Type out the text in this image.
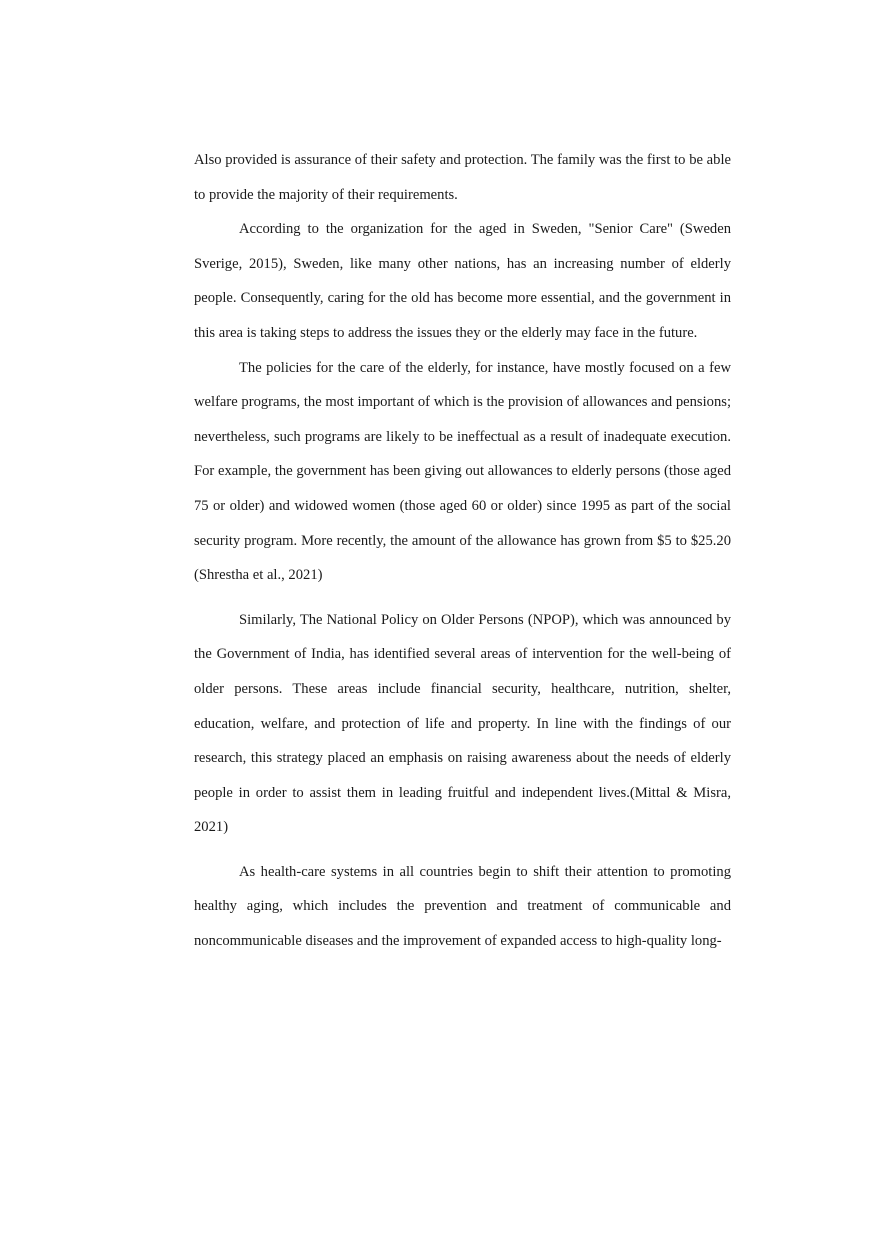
Also provided is assurance of their safety and protection. The family was the first to be able to provide the majority of their requirements.

According to the organization for the aged in Sweden, "Senior Care" (Sweden Sverige, 2015), Sweden, like many other nations, has an increasing number of elderly people. Consequently, caring for the old has become more essential, and the government in this area is taking steps to address the issues they or the elderly may face in the future.

The policies for the care of the elderly, for instance, have mostly focused on a few welfare programs, the most important of which is the provision of allowances and pensions; nevertheless, such programs are likely to be ineffectual as a result of inadequate execution. For example, the government has been giving out allowances to elderly persons (those aged 75 or older) and widowed women (those aged 60 or older) since 1995 as part of the social security program. More recently, the amount of the allowance has grown from $5 to $25.20 (Shrestha et al., 2021)

Similarly, The National Policy on Older Persons (NPOP), which was announced by the Government of India, has identified several areas of intervention for the well-being of older persons. These areas include financial security, healthcare, nutrition, shelter, education, welfare, and protection of life and property. In line with the findings of our research, this strategy placed an emphasis on raising awareness about the needs of elderly people in order to assist them in leading fruitful and independent lives.(Mittal & Misra, 2021)

As health-care systems in all countries begin to shift their attention to promoting healthy aging, which includes the prevention and treatment of communicable and noncommunicable diseases and the improvement of expanded access to high-quality long-
